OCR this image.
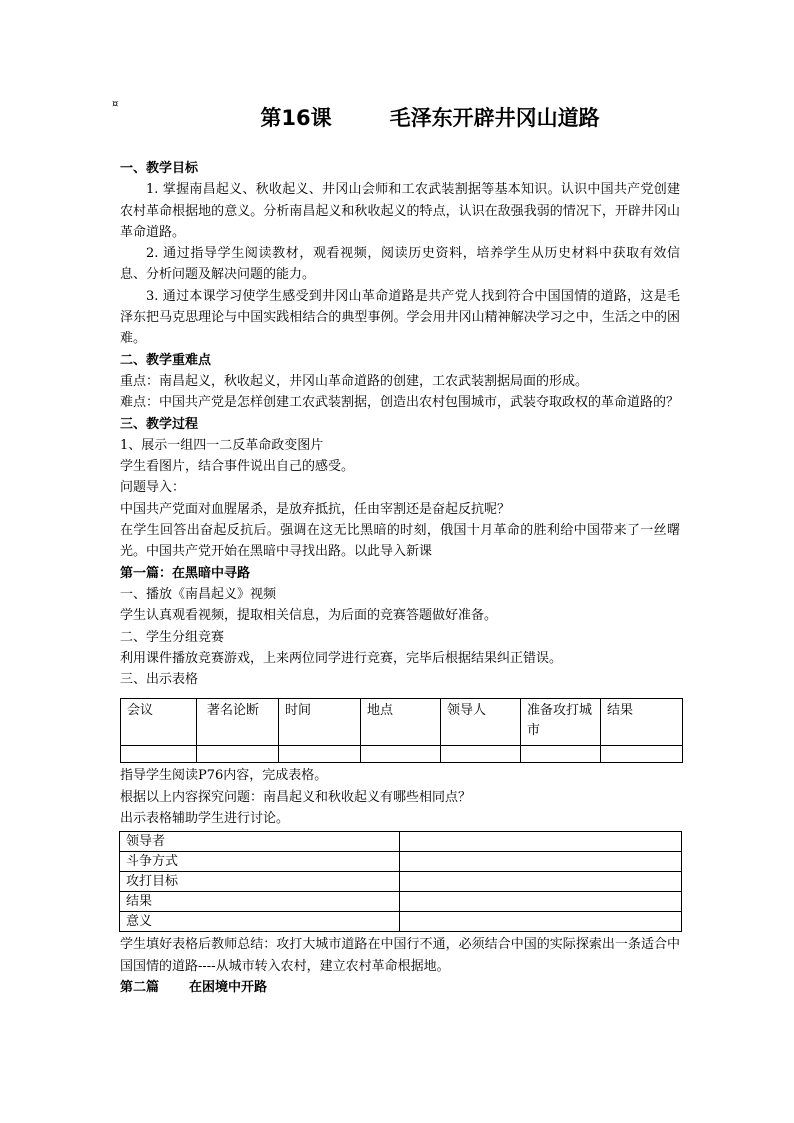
¤
第16课	毛泽东开辟井冈山道路

一、教学目标

1. 掌握南昌起义、秋收起义、井冈山会师和工农武装割据等基本知识。认识中国共产党创建农村革命根据地的意义。分析南昌起义和秋收起义的特点，认识在敌强我弱的情况下，开辟井冈山革命道路。

2. 通过指导学生阅读教材，观看视频，阅读历史资料，培养学生从历史材料中获取有效信息、分析问题及解决问题的能力。

3. 通过本课学习使学生感受到井冈山革命道路是共产党人找到符合中国国情的道路，这是毛泽东把马克思理论与中国实践相结合的典型事例。学会用井冈山精神解决学习之中，生活之中的困难。

二、教学重难点

重点：南昌起义，秋收起义，井冈山革命道路的创建，工农武装割据局面的形成。

难点：中国共产党是怎样创建工农武装割据，创造出农村包围城市，武装夺取政权的革命道路的？

三、教学过程

1、展示一组四一二反革命政变图片

学生看图片，结合事件说出自己的感受。

问题导入：

中国共产党面对血腥屠杀，是放弃抵抗，任由宰割还是奋起反抗呢？

在学生回答出奋起反抗后。强调在这无比黑暗的时刻，俄国十月革命的胜利给中国带来了一丝曙光。中国共产党开始在黑暗中寻找出路。以此导入新课

第一篇：在黑暗中寻路

一、播放《南昌起义》视频

学生认真观看视频，提取相关信息，为后面的竞赛答题做好准备。

二、学生分组竞赛

利用课件播放竞赛游戏，上来两位同学进行竞赛，完毕后根据结果纠正错误。

三、出示表格

会议	著名论断	时间	地点	领导人	准备攻打城市	结果

指导学生阅读P76内容，完成表格。

根据以上内容探究问题：南昌起义和秋收起义有哪些相同点？

出示表格辅助学生进行讨论。

领导者	
斗争方式	
攻打目标	
结果	
意义	

学生填好表格后教师总结：攻打大城市道路在中国行不通，必须结合中国的实际探索出一条适合中国国情的道路----从城市转入农村，建立农村革命根据地。

第二篇 在困境中开路
